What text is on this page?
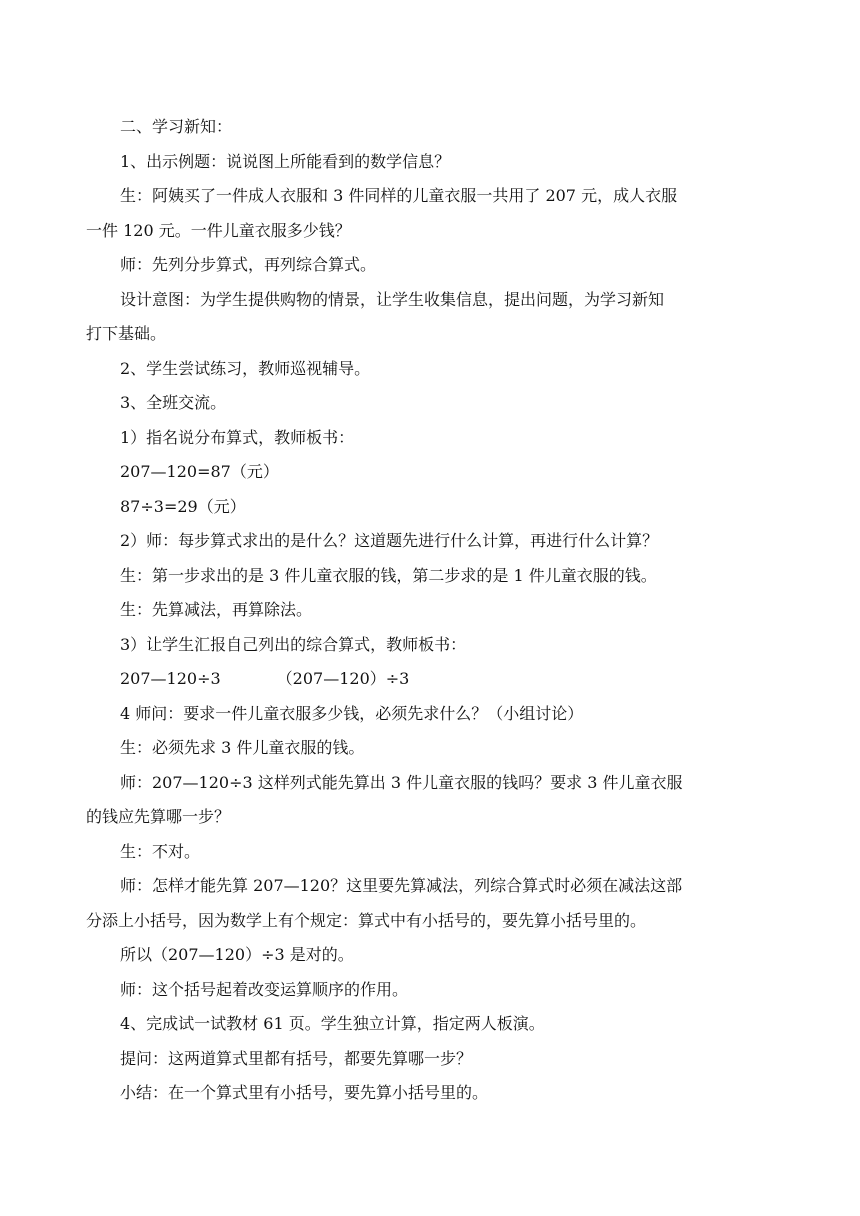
二、学习新知：
1、出示例题：说说图上所能看到的数学信息？
生：阿姨买了一件成人衣服和 3 件同样的儿童衣服一共用了 207 元，成人衣服
一件 120 元。一件儿童衣服多少钱？
师：先列分步算式，再列综合算式。
设计意图：为学生提供购物的情景，让学生收集信息，提出问题，为学习新知
打下基础。
2、学生尝试练习，教师巡视辅导。
3、全班交流。
1）指名说分布算式，教师板书：
207—120=87（元）
87÷3=29（元）
2）师：每步算式求出的是什么？这道题先进行什么计算，再进行什么计算？
生：第一步求出的是 3 件儿童衣服的钱，第二步求的是 1 件儿童衣服的钱。
生：先算减法，再算除法。
3）让学生汇报自己列出的综合算式，教师板书：
207—120÷3	（207—120）÷3
4 师问：要求一件儿童衣服多少钱，必须先求什么？（小组讨论）
生：必须先求 3 件儿童衣服的钱。
师：207—120÷3 这样列式能先算出 3 件儿童衣服的钱吗？要求 3 件儿童衣服
的钱应先算哪一步？
生：不对。
师：怎样才能先算 207—120？这里要先算减法，列综合算式时必须在减法这部
分添上小括号，因为数学上有个规定：算式中有小括号的，要先算小括号里的。
所以（207—120）÷3 是对的。
师：这个括号起着改变运算顺序的作用。
4、完成试一试教材 61 页。学生独立计算，指定两人板演。
提问：这两道算式里都有括号，都要先算哪一步？
小结：在一个算式里有小括号，要先算小括号里的。
